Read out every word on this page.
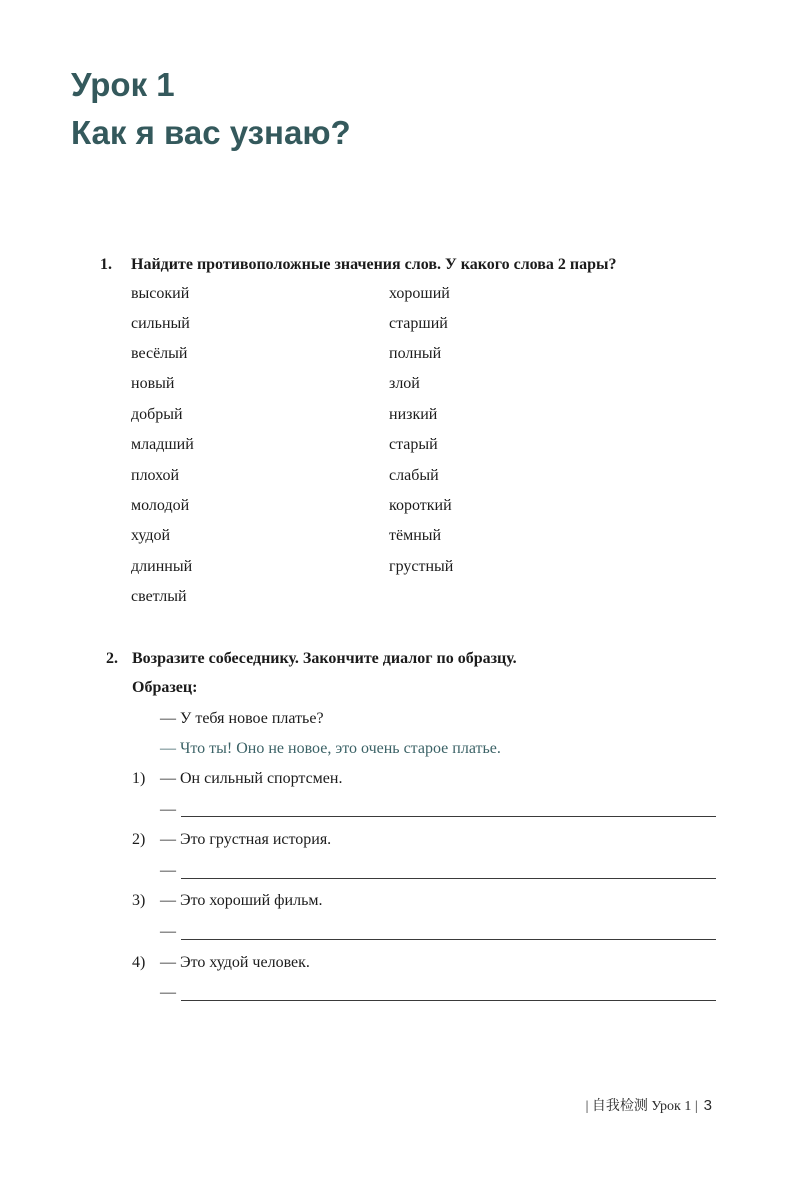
Урок 1
Как я вас узнаю?
1. Найдите противоположные значения слов. У какого слова 2 пары?
высокий
сильный
весёлый
новый
добрый
младший
плохой
молодой
худой
длинный
светлый
хороший
старший
полный
злой
низкий
старый
слабый
короткий
тёмный
грустный
2. Возразите собеседнику. Закончите диалог по образцу.
Образец:
— У тебя новое платье?
— Что ты! Оно не новое, это очень старое платье.
1) — Он сильный спортсмен.
—
2) — Это грустная история.
—
3) — Это хороший фильм.
—
4) — Это худой человек.
—
| 自我检测 Урок 1 | 3
